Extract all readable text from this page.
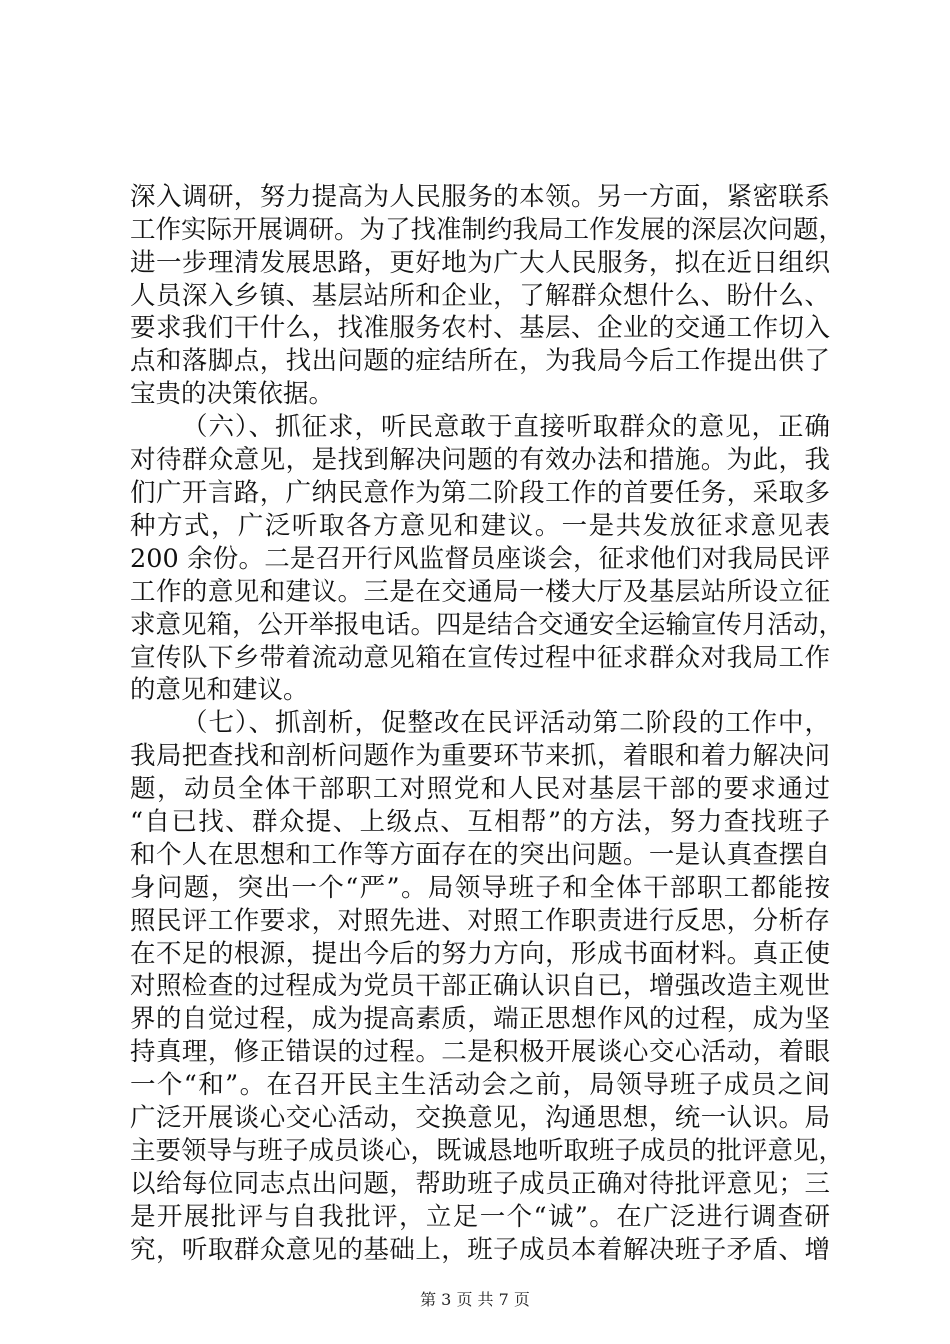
深入调研，努力提高为人民服务的本领。另一方面，紧密联系
工作实际开展调研。为了找准制约我局工作发展的深层次问题，
进一步理清发展思路，更好地为广大人民服务，拟在近日组织
人员深入乡镇、基层站所和企业，了解群众想什么、盼什么、
要求我们干什么，找准服务农村、基层、企业的交通工作切入
点和落脚点，找出问题的症结所在，为我局今后工作提出供了
宝贵的决策依据。
（六）、抓征求，听民意敢于直接听取群众的意见，正确
对待群众意见，是找到解决问题的有效办法和措施。为此，我
们广开言路，广纳民意作为第二阶段工作的首要任务，采取多
种方式，广泛听取各方意见和建议。一是共发放征求意见表
200 余份。二是召开行风监督员座谈会，征求他们对我局民评
工作的意见和建议。三是在交通局一楼大厅及基层站所设立征
求意见箱，公开举报电话。四是结合交通安全运输宣传月活动，
宣传队下乡带着流动意见箱在宣传过程中征求群众对我局工作
的意见和建议。
（七）、抓剖析，促整改在民评活动第二阶段的工作中，
我局把查找和剖析问题作为重要环节来抓，着眼和着力解决问
题，动员全体干部职工对照党和人民对基层干部的要求通过
“自已找、群众提、上级点、互相帮”的方法，努力查找班子
和个人在思想和工作等方面存在的突出问题。一是认真查摆自
身问题，突出一个“严”。局领导班子和全体干部职工都能按
照民评工作要求，对照先进、对照工作职责进行反思，分析存
在不足的根源，提出今后的努力方向，形成书面材料。真正使
对照检查的过程成为党员干部正确认识自已，增强改造主观世
界的自觉过程，成为提高素质，端正思想作风的过程，成为坚
持真理，修正错误的过程。二是积极开展谈心交心活动，着眼
一个“和”。在召开民主生活动会之前，局领导班子成员之间
广泛开展谈心交心活动，交换意见，沟通思想，统一认识。局
主要领导与班子成员谈心，既诚恳地听取班子成员的批评意见，
以给每位同志点出问题，帮助班子成员正确对待批评意见；三
是开展批评与自我批评，立足一个“诚”。在广泛进行调查研
究，听取群众意见的基础上，班子成员本着解决班子矛盾、增
第 3 页 共 7 页
